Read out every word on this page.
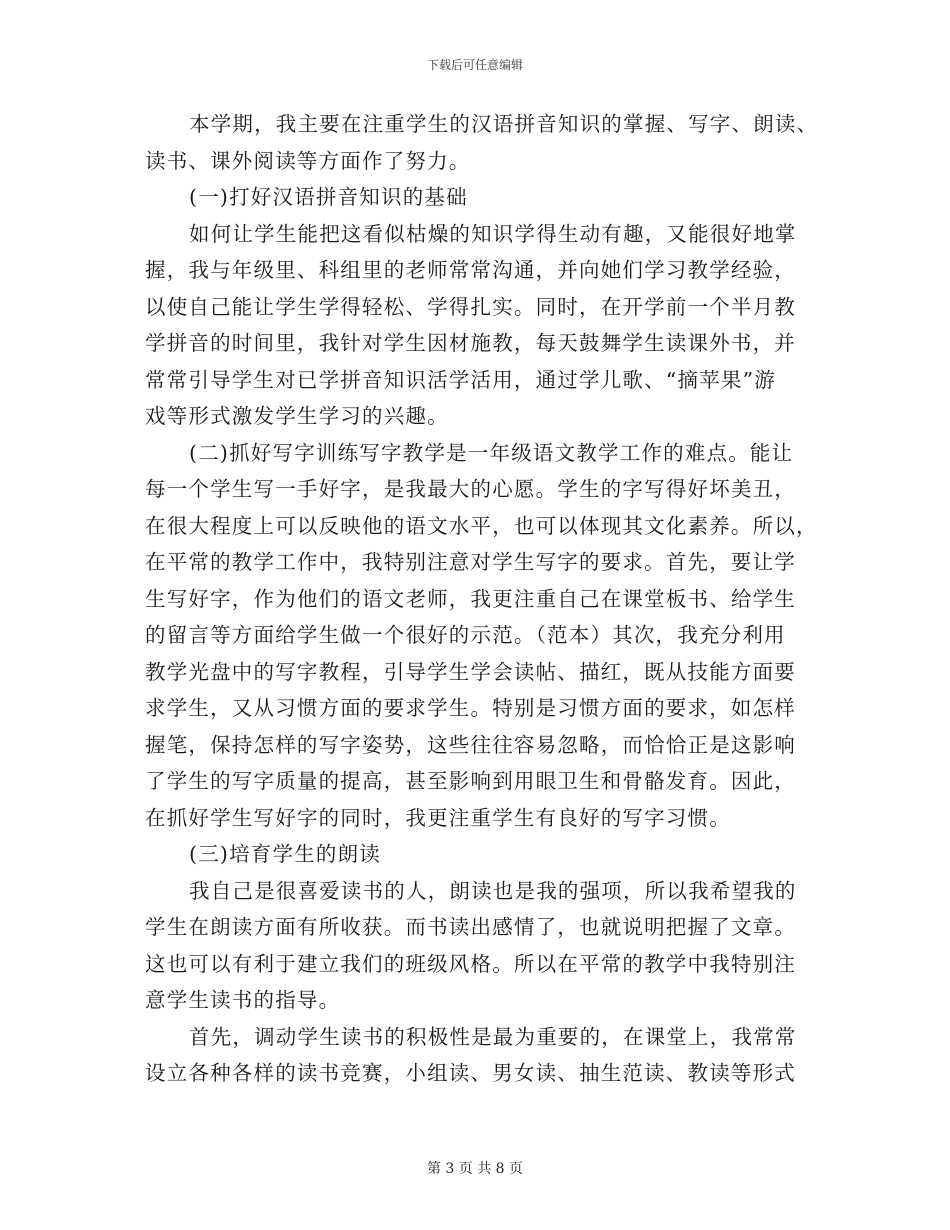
下载后可任意编辑
本学期，我主要在注重学生的汉语拼音知识的掌握、写字、朗读、
读书、课外阅读等方面作了努力。
(一)打好汉语拼音知识的基础
如何让学生能把这看似枯燥的知识学得生动有趣，又能很好地掌
握，我与年级里、科组里的老师常常沟通，并向她们学习教学经验，
以使自己能让学生学得轻松、学得扎实。同时，在开学前一个半月教
学拼音的时间里，我针对学生因材施教，每天鼓舞学生读课外书，并
常常引导学生对已学拼音知识活学活用，通过学儿歌、“摘苹果”游
戏等形式激发学生学习的兴趣。
(二)抓好写字训练写字教学是一年级语文教学工作的难点。能让
每一个学生写一手好字，是我最大的心愿。学生的字写得好坏美丑，
在很大程度上可以反映他的语文水平，也可以体现其文化素养。所以，
在平常的教学工作中，我特别注意对学生写字的要求。首先，要让学
生写好字，作为他们的语文老师，我更注重自己在课堂板书、给学生
的留言等方面给学生做一个很好的示范。（范本）其次，我充分利用
教学光盘中的写字教程，引导学生学会读帖、描红，既从技能方面要
求学生，又从习惯方面的要求学生。特别是习惯方面的要求，如怎样
握笔，保持怎样的写字姿势，这些往往容易忽略，而恰恰正是这影响
了学生的写字质量的提高，甚至影响到用眼卫生和骨骼发育。因此，
在抓好学生写好字的同时，我更注重学生有良好的写字习惯。
(三)培育学生的朗读
我自己是很喜爱读书的人，朗读也是我的强项，所以我希望我的
学生在朗读方面有所收获。而书读出感情了，也就说明把握了文章。
这也可以有利于建立我们的班级风格。所以在平常的教学中我特别注
意学生读书的指导。
首先，调动学生读书的积极性是最为重要的，在课堂上，我常常
设立各种各样的读书竞赛，小组读、男女读、抽生范读、教读等形式
第 3 页 共 8 页
